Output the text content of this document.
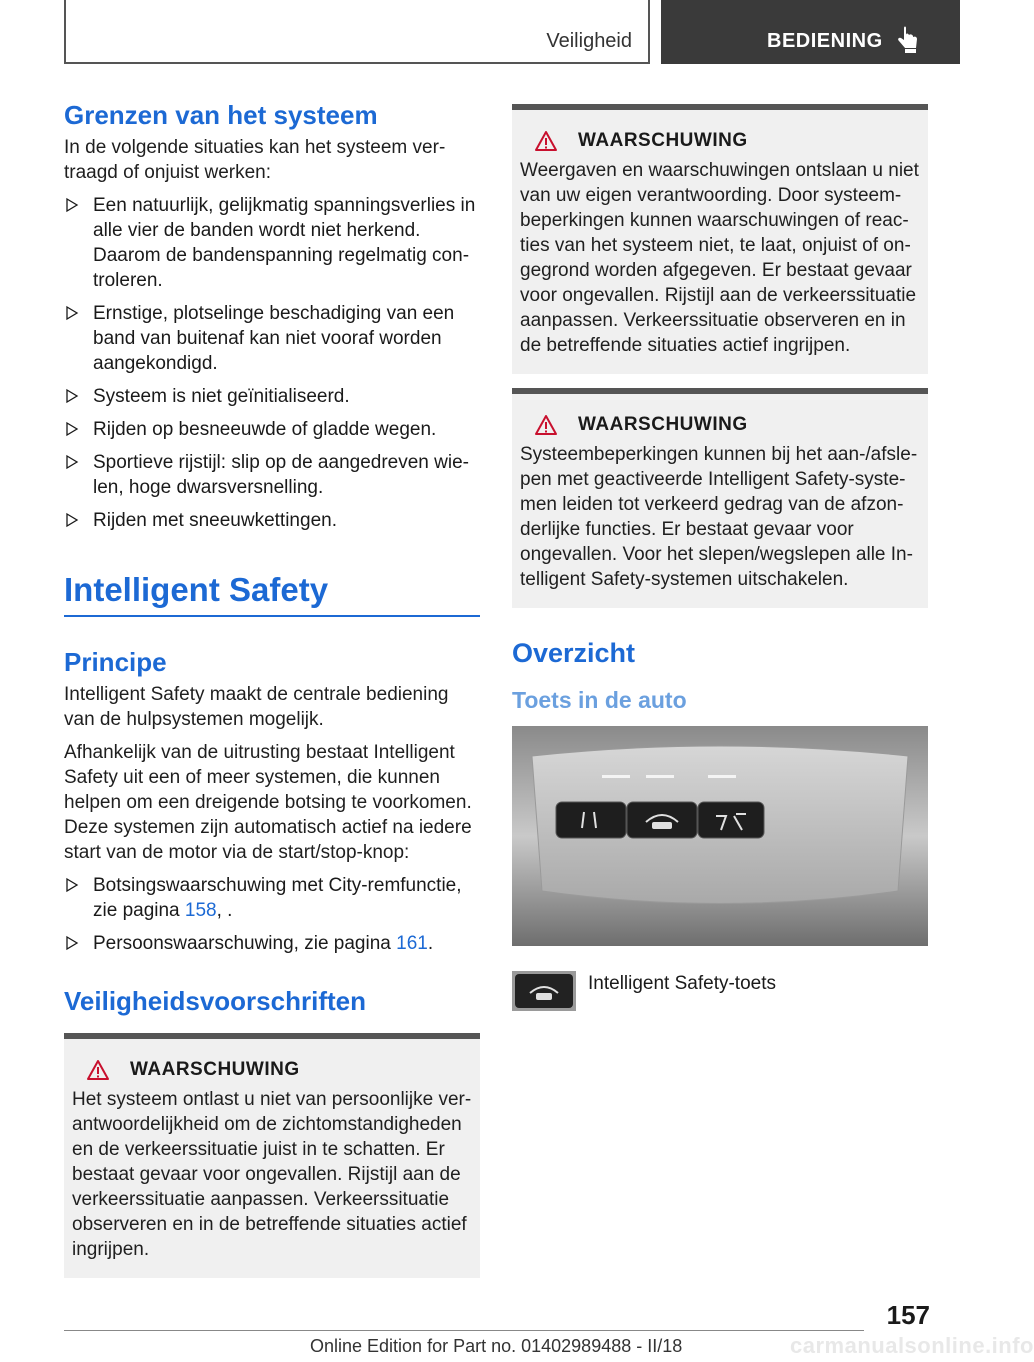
Veiligheid	BEDIENING
Grenzen van het systeem

In de volgende situaties kan het systeem vertraagd of onjuist werken:

Een natuurlijk, gelijkmatig spanningsverlies in alle vier de banden wordt niet herkend. Daarom de bandenspanning regelmatig controleren.
Ernstige, plotselinge beschadiging van een band van buitenaf kan niet vooraf worden aangekondigd.
Systeem is niet geïnitialiseerd.
Rijden op besneeuwde of gladde wegen.
Sportieve rijstijl: slip op de aangedreven wielen, hoge dwarsversnelling.
Rijden met sneeuwkettingen.
Intelligent Safety
Principe

Intelligent Safety maakt de centrale bediening van de hulpsystemen mogelijk.

Afhankelijk van de uitrusting bestaat Intelligent Safety uit een of meer systemen, die kunnen helpen om een dreigende botsing te voorkomen. Deze systemen zijn automatisch actief na iedere start van de motor via de start/stop-knop:

Botsingswaarschuwing met City-remfunctie, zie pagina 158, .
Persoonswaarschuwing, zie pagina 161.
Veiligheidsvoorschriften
WAARSCHUWING

Het systeem ontlast u niet van persoonlijke verantwoordelijkheid om de zichtomstandigheden en de verkeerssituatie juist in te schatten. Er bestaat gevaar voor ongevallen. Rijstijl aan de verkeerssituatie aanpassen. Verkeerssituatie observeren en in de betreffende situaties actief ingrijpen.

WAARSCHUWING

Weergaven en waarschuwingen ontslaan u niet van uw eigen verantwoording. Door systeembeperkingen kunnen waarschuwingen of reacties van het systeem niet, te laat, onjuist of ongegrond worden afgegeven. Er bestaat gevaar voor ongevallen. Rijstijl aan de verkeerssituatie aanpassen. Verkeerssituatie observeren en in de betreffende situaties actief ingrijpen.

WAARSCHUWING

Systeembeperkingen kunnen bij het aan-/afslepen met geactiveerde Intelligent Safety-systemen leiden tot verkeerd gedrag van de afzonderlijke functies. Er bestaat gevaar voor ongevallen. Voor het slepen/wegslepen alle Intelligent Safety-systemen uitschakelen.

Overzicht
Toets in de auto
Intelligent Safety-toets
157
Online Edition for Part no. 01402989488 - II/18	carmanualsonline.info
